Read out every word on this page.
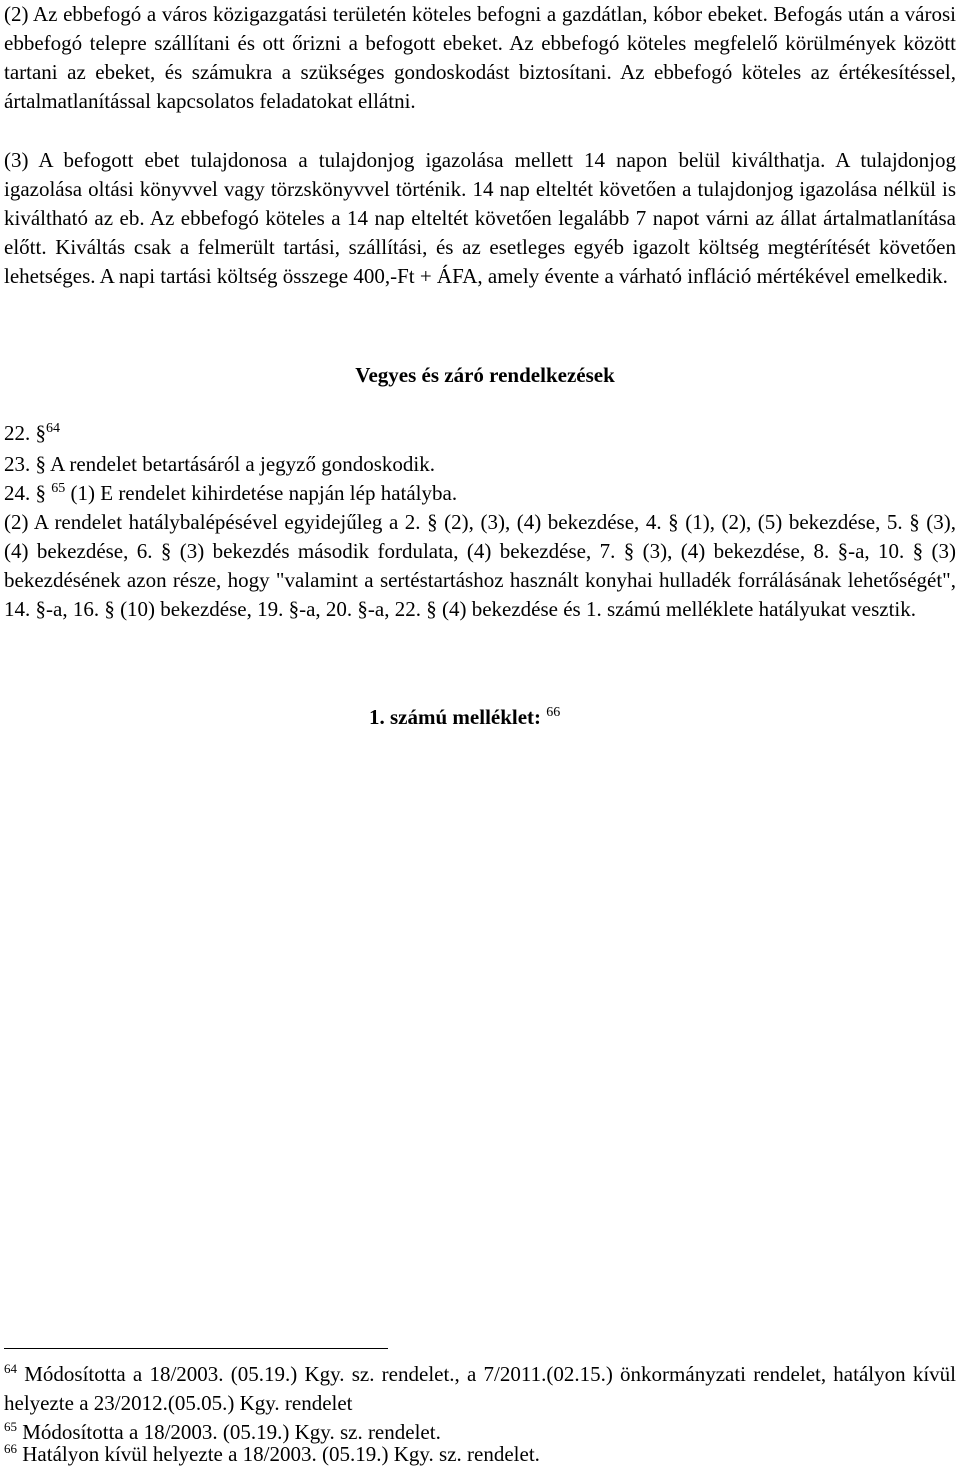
(2) Az ebbefogó a város közigazgatási területén köteles befogni a gazdátlan, kóbor ebeket. Befogás után a városi ebbefogó telepre szállítani és ott őrizni a befogott ebeket. Az ebbefogó köteles megfelelő körülmények között tartani az ebeket, és számukra a szükséges gondoskodást biztosítani. Az ebbefogó köteles az értékesítéssel, ártalmatlanítással kapcsolatos feladatokat ellátni.

(3) A befogott ebet tulajdonosa a tulajdonjog igazolása mellett 14 napon belül kiválthatja. A tulajdonjog igazolása oltási könyvvel vagy törzskönyvvel történik. 14 nap elteltét követően a tulajdonjog igazolása nélkül is kiváltható az eb. Az ebbefogó köteles a 14 nap elteltét követően legalább 7 napot várni az állat ártalmatlanítása előtt. Kiváltás csak a felmerült tartási, szállítási, és az esetleges egyéb igazolt költség megtérítését követően lehetséges. A napi tartási költség összege 400,-Ft + ÁFA, amely évente a várható infláció mértékével emelkedik.

22. §$^{64}$
23. § A rendelet betartásáról a jegyző gondoskodik.
24. § $^{65}$ (1) E rendelet kihirdetése napján lép hatályba.

(2) A rendelet hatálybalépésével egyidejűleg a 2. § (2), (3), (4) bekezdése, 4. § (1), (2), (5) bekezdése, 5. § (3), (4) bekezdése, 6. § (3) bekezdés második fordulata, (4) bekezdése, 7. § (3), (4) bekezdése, 8. §-a, 10. § (3) bekezdésének azon része, hogy "valamint a sertéstartáshoz használt konyhai hulladék forrálásának lehetőségét", 14. §-a, 16. § (10) bekezdése, 19. §-a, 20. §-a, 22. § (4) bekezdése és 1. számú melléklete hatályukat vesztik.

Vegyes és záró rendelkezések
1. számú melléklet: $^{66}$

$^{64}$ Módosította a 18/2003. (05.19.) Kgy. sz. rendelet., a 7/2011.(02.15.) önkormányzati rendelet, hatályon kívül helyezte a 23/2012.(05.05.) Kgy. rendelet

$^{65}$ Módosította a 18/2003. (05.19.) Kgy. sz. rendelet.

$^{66}$ Hatályon kívül helyezte a 18/2003. (05.19.) Kgy. sz. rendelet.
